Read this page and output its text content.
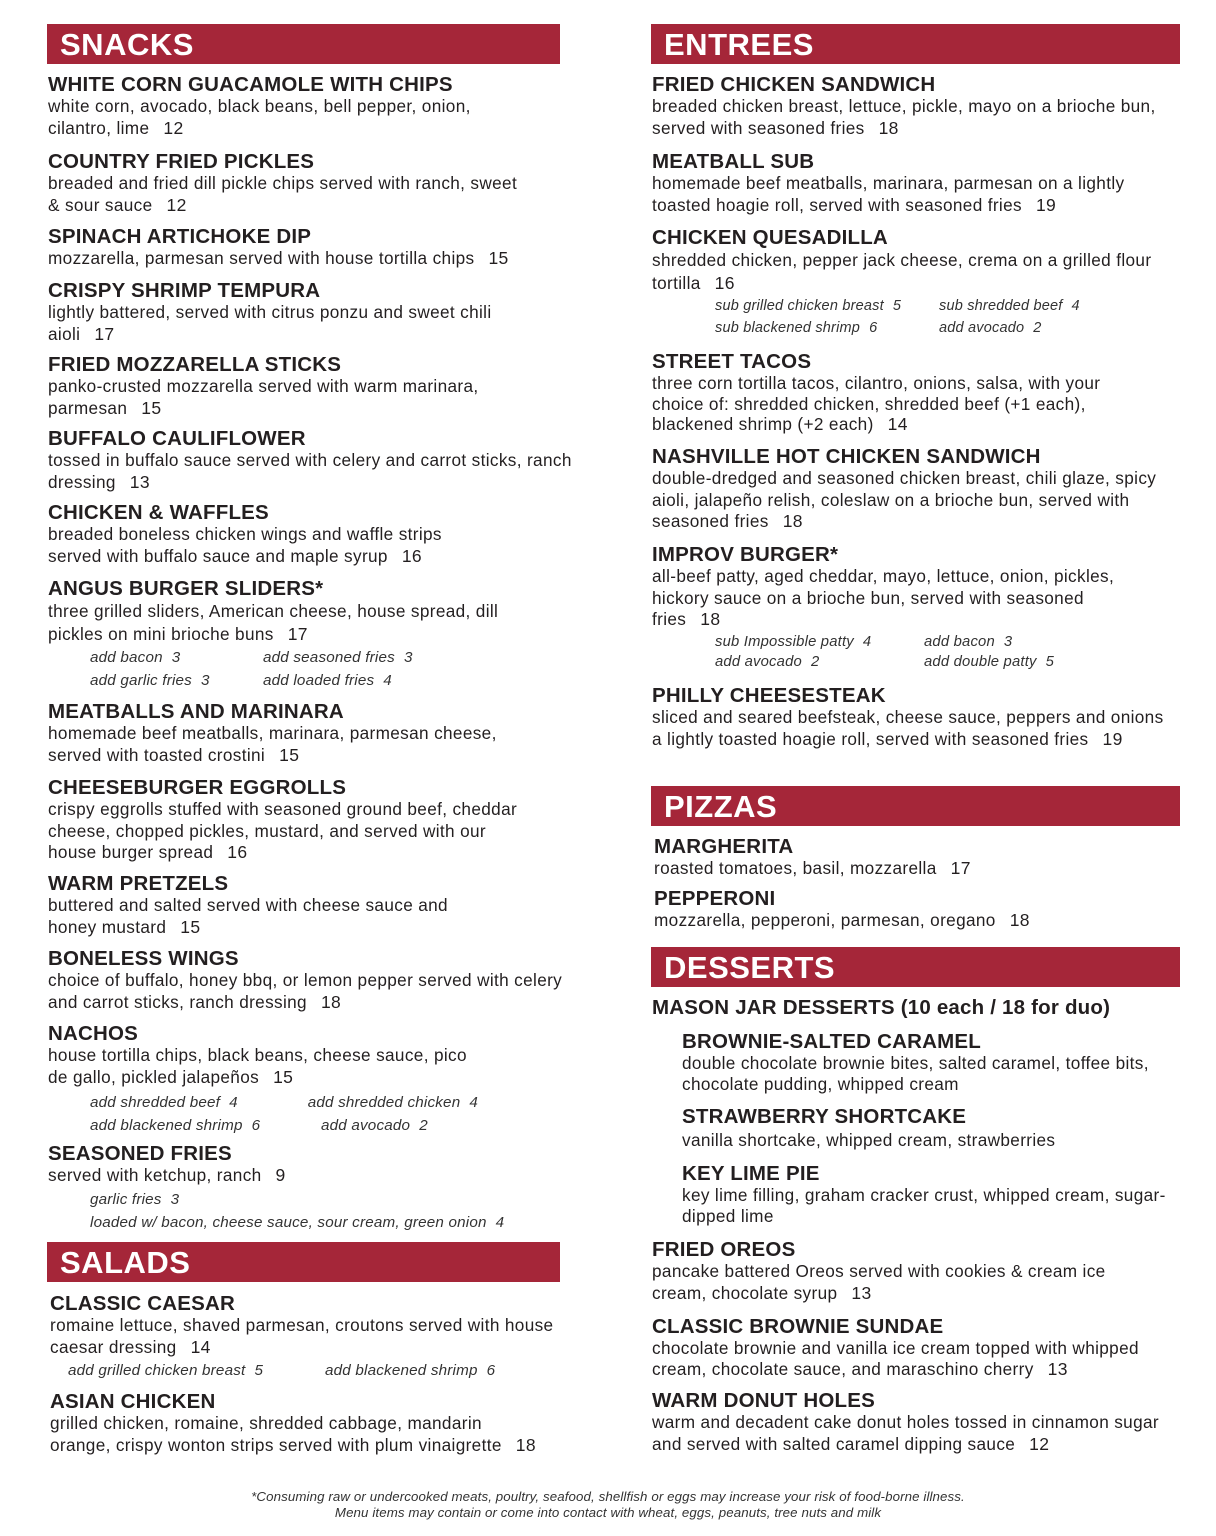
SNACKS
WHITE CORN GUACAMOLE WITH CHIPS
white corn, avocado, black beans, bell pepper, onion, cilantro, lime 12
COUNTRY FRIED PICKLES
breaded and fried dill pickle chips served with ranch, sweet & sour sauce 12
SPINACH ARTICHOKE DIP
mozzarella, parmesan served with house tortilla chips 15
CRISPY SHRIMP TEMPURA
lightly battered, served with citrus ponzu and sweet chili aioli 17
FRIED MOZZARELLA STICKS
panko-crusted mozzarella served with warm marinara, parmesan 15
BUFFALO CAULIFLOWER
tossed in buffalo sauce served with celery and carrot sticks, ranch dressing 13
CHICKEN & WAFFLES
breaded boneless chicken wings and waffle strips served with buffalo sauce and maple syrup 16
ANGUS BURGER SLIDERS*
three grilled sliders, American cheese, house spread, dill pickles on mini brioche buns 17
add bacon 3	add seasoned fries 3
add garlic fries 3	add loaded fries 4
MEATBALLS AND MARINARA
homemade beef meatballs, marinara, parmesan cheese, served with toasted crostini 15
CHEESEBURGER EGGROLLS
crispy eggrolls stuffed with seasoned ground beef, cheddar cheese, chopped pickles, mustard, and served with our house burger spread 16
WARM PRETZELS
buttered and salted served with cheese sauce and honey mustard 15
BONELESS WINGS
choice of buffalo, honey bbq, or lemon pepper served with celery and carrot sticks, ranch dressing 18
NACHOS
house tortilla chips, black beans, cheese sauce, pico de gallo, pickled jalapeños 15
add shredded beef 4	add shredded chicken 4
add blackened shrimp 6	add avocado 2
SEASONED FRIES
served with ketchup, ranch 9
garlic fries 3
loaded w/ bacon, cheese sauce, sour cream, green onion 4
SALADS
CLASSIC CAESAR
romaine lettuce, shaved parmesan, croutons served with house caesar dressing 14
add grilled chicken breast 5	add blackened shrimp 6
ASIAN CHICKEN
grilled chicken, romaine, shredded cabbage, mandarin orange, crispy wonton strips served with plum vinaigrette 18
ENTREES
FRIED CHICKEN SANDWICH
breaded chicken breast, lettuce, pickle, mayo on a brioche bun, served with seasoned fries 18
MEATBALL SUB
homemade beef meatballs, marinara, parmesan on a lightly toasted hoagie roll, served with seasoned fries 19
CHICKEN QUESADILLA
shredded chicken, pepper jack cheese, crema on a grilled flour tortilla 16
sub grilled chicken breast 5	sub shredded beef 4
sub blackened shrimp 6	add avocado 2
STREET TACOS
three corn tortilla tacos, cilantro, onions, salsa, with your choice of: shredded chicken, shredded beef (+1 each), blackened shrimp (+2 each) 14
NASHVILLE HOT CHICKEN SANDWICH
double-dredged and seasoned chicken breast, chili glaze, spicy aioli, jalapeño relish, coleslaw on a brioche bun, served with seasoned fries 18
IMPROV BURGER*
all-beef patty, aged cheddar, mayo, lettuce, onion, pickles, hickory sauce on a brioche bun, served with seasoned fries 18
sub Impossible patty 4	add bacon 3
add avocado 2	add double patty 5
PHILLY CHEESESTEAK
sliced and seared beefsteak, cheese sauce, peppers and onions a lightly toasted hoagie roll, served with seasoned fries 19
PIZZAS
MARGHERITA
roasted tomatoes, basil, mozzarella 17
PEPPERONI
mozzarella, pepperoni, parmesan, oregano 18
DESSERTS
MASON JAR DESSERTS (10 each / 18 for duo)
BROWNIE-SALTED CARAMEL
double chocolate brownie bites, salted caramel, toffee bits, chocolate pudding, whipped cream
STRAWBERRY SHORTCAKE
vanilla shortcake, whipped cream, strawberries
KEY LIME PIE
key lime filling, graham cracker crust, whipped cream, sugar-dipped lime
FRIED OREOS
pancake battered Oreos served with cookies & cream ice cream, chocolate syrup 13
CLASSIC BROWNIE SUNDAE
chocolate brownie and vanilla ice cream topped with whipped cream, chocolate sauce, and maraschino cherry 13
WARM DONUT HOLES
warm and decadent cake donut holes tossed in cinnamon sugar and served with salted caramel dipping sauce 12
*Consuming raw or undercooked meats, poultry, seafood, shellfish or eggs may increase your risk of food-borne illness.
Menu items may contain or come into contact with wheat, eggs, peanuts, tree nuts and milk
